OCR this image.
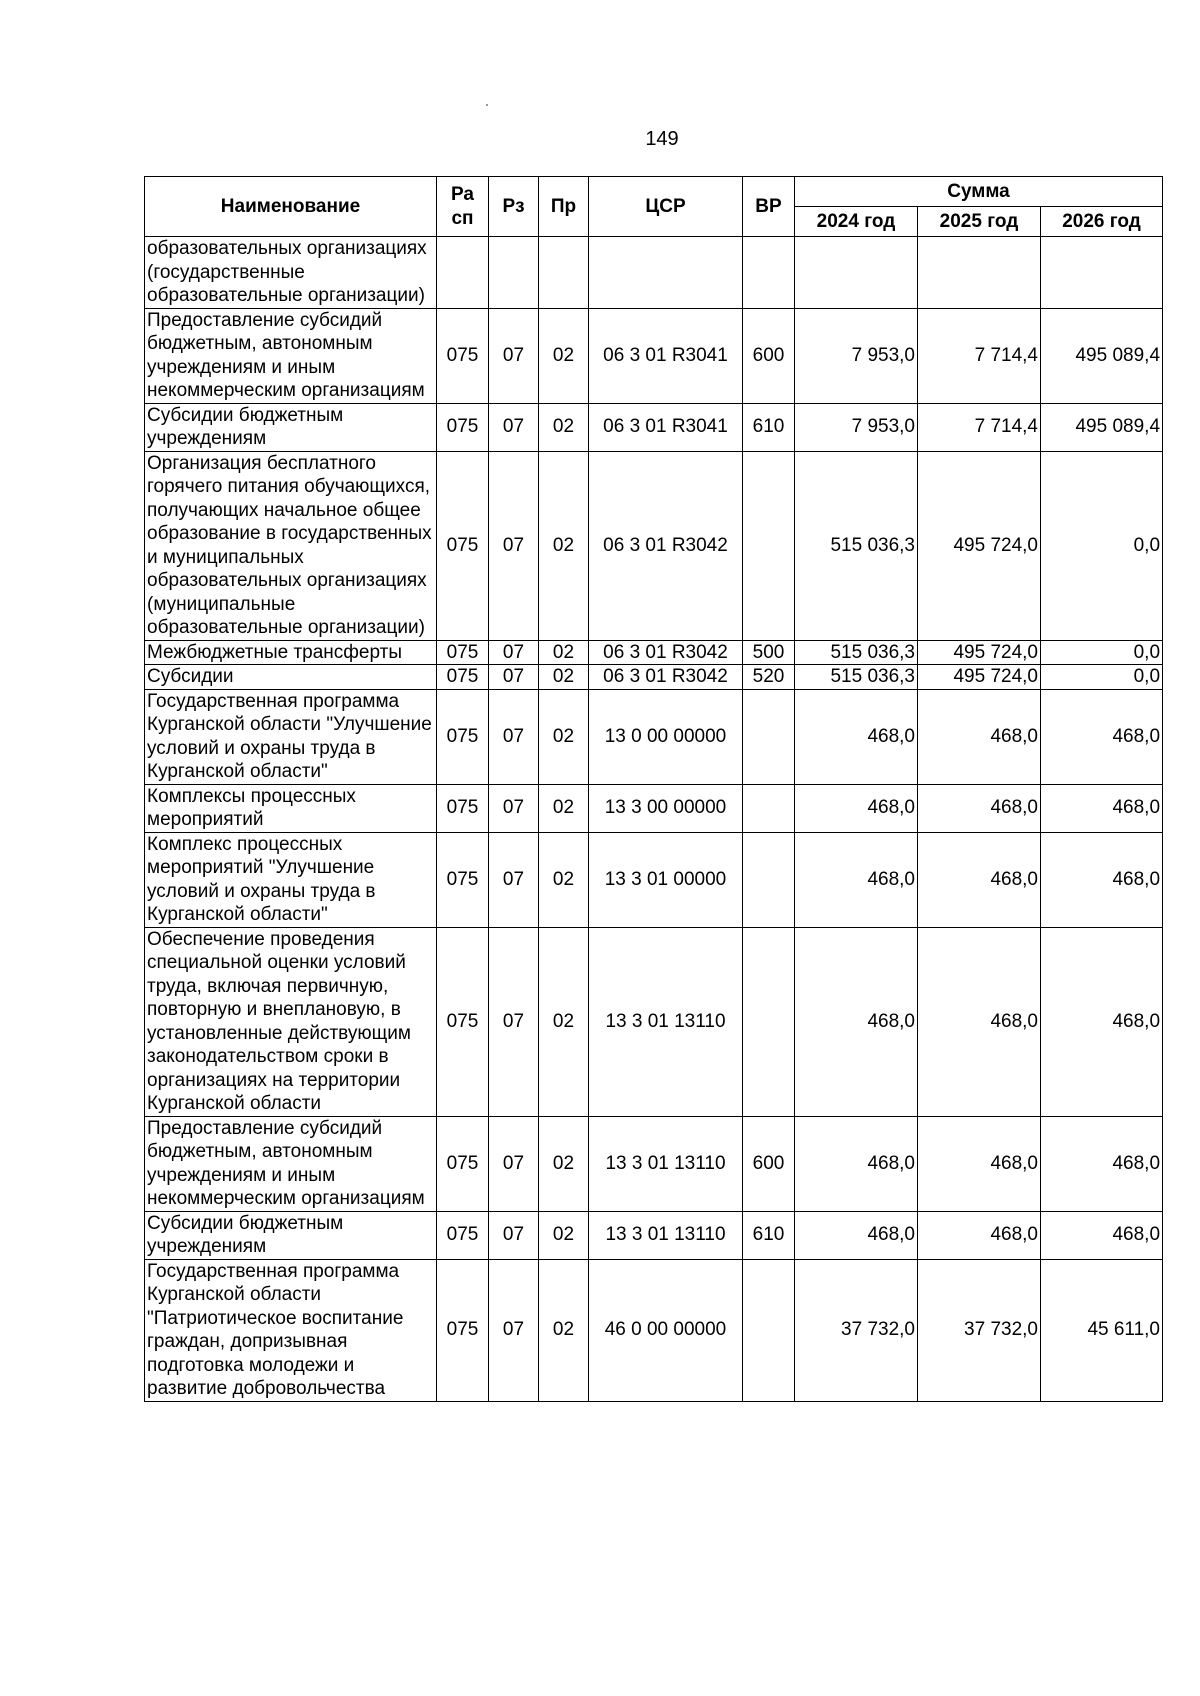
149
Наименование	Ра сп	Рз	Пр	ЦСР	ВР	Сумма		
						2024 год	2025 год	2026 год
образовательных организациях (государственные образовательные организации)								
Предоставление субсидий бюджетным, автономным учреждениям и иным некоммерческим организациям	075	07	02	06 3 01 R3041	600	7 953,0	7 714,4	495 089,4
Субсидии бюджетным учреждениям	075	07	02	06 3 01 R3041	610	7 953,0	7 714,4	495 089,4
Организация бесплатного горячего питания обучающихся, получающих начальное общее образование в государственных и муниципальных образовательных организациях (муниципальные образовательные организации)	075	07	02	06 3 01 R3042		515 036,3	495 724,0	0,0
Межбюджетные трансферты	075	07	02	06 3 01 R3042	500	515 036,3	495 724,0	0,0
Субсидии	075	07	02	06 3 01 R3042	520	515 036,3	495 724,0	0,0
Государственная программа Курганской области "Улучшение условий и охраны труда в Курганской области"	075	07	02	13 0 00 00000		468,0	468,0	468,0
Комплексы процессных мероприятий	075	07	02	13 3 00 00000		468,0	468,0	468,0
Комплекс процессных мероприятий "Улучшение условий и охраны труда в Курганской области"	075	07	02	13 3 01 00000		468,0	468,0	468,0
Обеспечение проведения специальной оценки условий труда, включая первичную, повторную и внеплановую, в установленные действующим законодательством сроки в организациях на территории Курганской области	075	07	02	13 3 01 13110		468,0	468,0	468,0
Предоставление субсидий бюджетным, автономным учреждениям и иным некоммерческим организациям	075	07	02	13 3 01 13110	600	468,0	468,0	468,0
Субсидии бюджетным учреждениям	075	07	02	13 3 01 13110	610	468,0	468,0	468,0
Государственная программа Курганской области "Патриотическое воспитание граждан, допризывная подготовка молодежи и развитие добровольчества	075	07	02	46 0 00 00000		37 732,0	37 732,0	45 611,0
